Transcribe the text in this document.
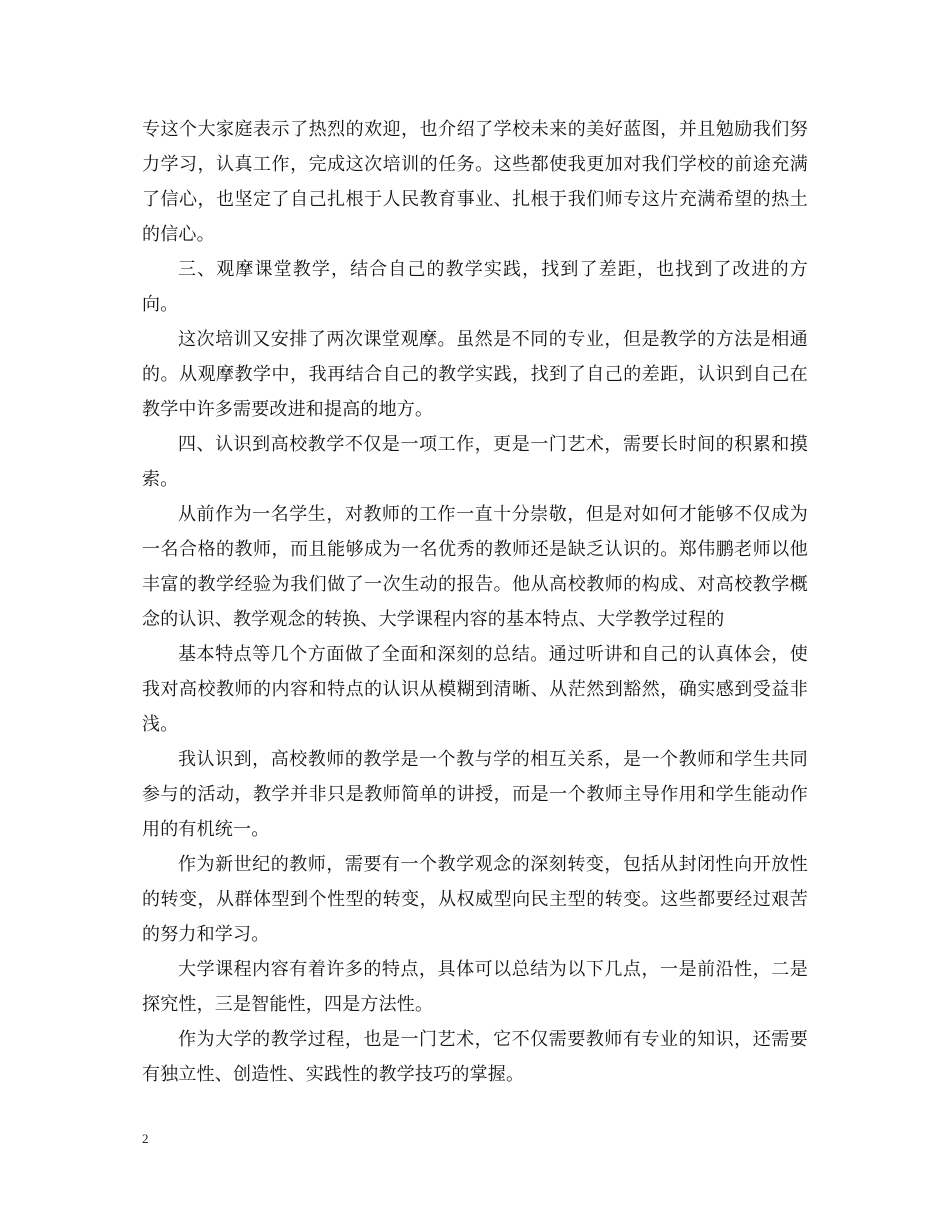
专这个大家庭表示了热烈的欢迎，也介绍了学校未来的美好蓝图，并且勉励我们努力学习，认真工作，完成这次培训的任务。这些都使我更加对我们学校的前途充满了信心，也坚定了自己扎根于人民教育事业、扎根于我们师专这片充满希望的热土的信心。

三、观摩课堂教学，结合自己的教学实践，找到了差距，也找到了改进的方向。

这次培训又安排了两次课堂观摩。虽然是不同的专业，但是教学的方法是相通的。从观摩教学中，我再结合自己的教学实践，找到了自己的差距，认识到自己在教学中许多需要改进和提高的地方。

四、认识到高校教学不仅是一项工作，更是一门艺术，需要长时间的积累和摸索。

从前作为一名学生，对教师的工作一直十分崇敬，但是对如何才能够不仅成为一名合格的教师，而且能够成为一名优秀的教师还是缺乏认识的。郑伟鹏老师以他丰富的教学经验为我们做了一次生动的报告。他从高校教师的构成、对高校教学概念的认识、教学观念的转换、大学课程内容的基本特点、大学教学过程的

基本特点等几个方面做了全面和深刻的总结。通过听讲和自己的认真体会，使我对高校教师的内容和特点的认识从模糊到清晰、从茫然到豁然，确实感到受益非浅。

我认识到，高校教师的教学是一个教与学的相互关系，是一个教师和学生共同参与的活动，教学并非只是教师简单的讲授，而是一个教师主导作用和学生能动作用的有机统一。

作为新世纪的教师，需要有一个教学观念的深刻转变，包括从封闭性向开放性的转变，从群体型到个性型的转变，从权威型向民主型的转变。这些都要经过艰苦的努力和学习。

大学课程内容有着许多的特点，具体可以总结为以下几点，一是前沿性，二是探究性，三是智能性，四是方法性。

作为大学的教学过程，也是一门艺术，它不仅需要教师有专业的知识，还需要有独立性、创造性、实践性的教学技巧的掌握。

2
